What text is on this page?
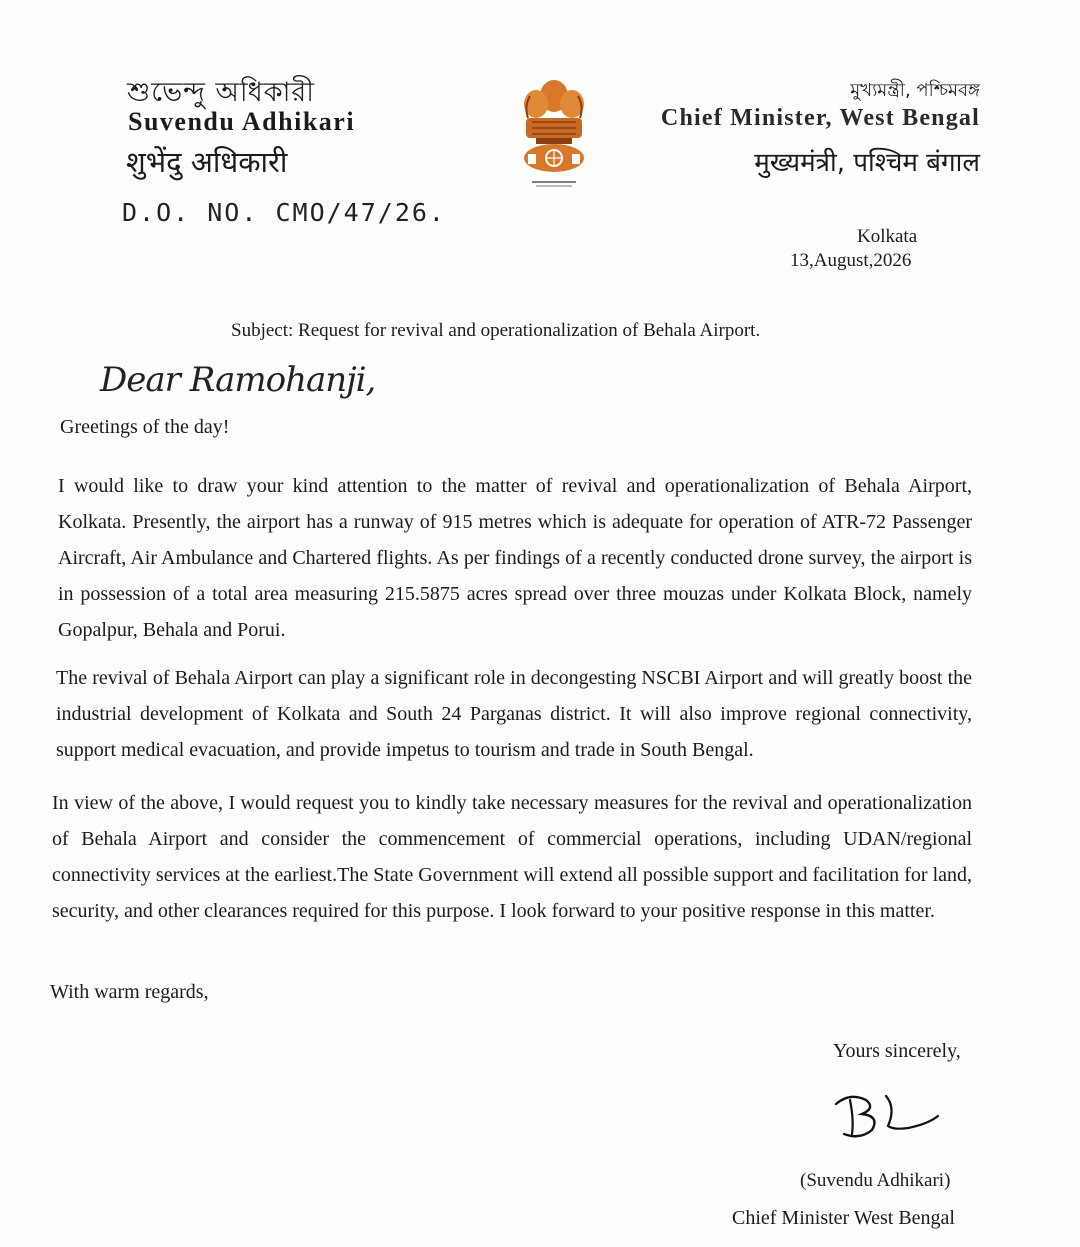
শুভেন্দু অধিকারী
Suvendu Adhikari
शुभेंदु अधिकारी
D.O. NO. CMO/47/26.
মুখ্যমন্ত্রী, পশ্চিমবঙ্গ
Chief Minister, West Bengal
मुख्यमंत्री, पश्चिम बंगाल
Kolkata
13,August,2026
Subject: Request for revival and operationalization of Behala Airport.
Dear Ramohanji,
Greetings of the day!
I would like to draw your kind attention to the matter of revival and operationalization of Behala Airport, Kolkata. Presently, the airport has a runway of 915 metres which is adequate for operation of ATR-72 Passenger Aircraft, Air Ambulance and Chartered flights. As per findings of a recently conducted drone survey, the airport is in possession of a total area measuring 215.5875 acres spread over three mouzas under Kolkata Block, namely Gopalpur, Behala and Porui.
The revival of Behala Airport can play a significant role in decongesting NSCBI Airport and will greatly boost the industrial development of Kolkata and South 24 Parganas district. It will also improve regional connectivity, support medical evacuation, and provide impetus to tourism and trade in South Bengal.
In view of the above, I would request you to kindly take necessary measures for the revival and operationalization of Behala Airport and consider the commencement of commercial operations, including UDAN/regional connectivity services at the earliest.The State Government will extend all possible support and facilitation for land, security, and other clearances required for this purpose. I look forward to your positive response in this matter.
With warm regards,
Yours sincerely,
(Suvendu Adhikari)
Chief Minister West Bengal
